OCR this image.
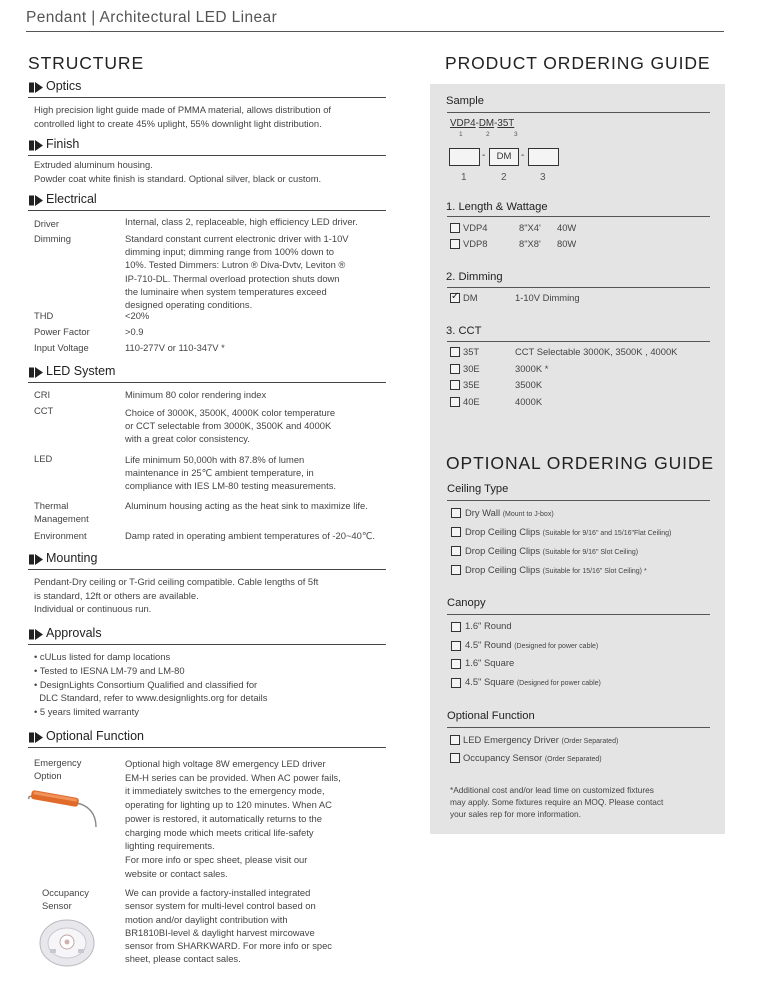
Pendant | Architectural LED Linear
STRUCTURE
Optics
High precision light guide made of PMMA material, allows distribution of
controlled light to create 45% uplight, 55% downlight light distribution.
Finish
Extruded aluminum housing.
Powder coat white finish is standard. Optional silver, black or custom.
Electrical
Driver	Internal, class 2, replaceable, high efficiency LED driver.
Dimming	Standard constant current electronic driver with 1-10V
dimming input; dimming range from 100% down to
10%. Tested Dimmers: Lutron ® Diva-Dvtv, Leviton ®
IP-710-DL. Thermal overload protection shuts down
the luminaire when system temperatures exceed
designed operating conditions.
THD	<20%
Power Factor	>0.9
Input Voltage	110-277V or 110-347V *
LED System
CRI	Minimum 80 color rendering index
CCT	Choice of 3000K, 3500K, 4000K color temperature
or CCT selectable from 3000K, 3500K and 4000K
with a great color consistency.
LED	Life minimum 50,000h with 87.8% of lumen
maintenance in 25℃ ambient temperature, in
compliance with IES LM-80 testing measurements.
Thermal
Management
Aluminum housing acting as the heat sink to maximize life.
Environment	Damp rated in operating ambient temperatures of -20~40℃.
Mounting
Pendant-Dry ceiling or T-Grid ceiling compatible. Cable lengths of 5ft
is standard, 12ft or others are available.
Individual or continuous run.
Approvals
• cULus listed for damp locations
• Tested to IESNA LM-79 and LM-80
• DesignLights Consortium Qualified and classified for
DLC Standard, refer to www.designlights.org for details
• 5 years limited warranty
Optional Function
Emergency
Option
Optional high voltage 8W emergency LED driver
EM-H series can be provided. When AC power fails,
it immediately switches to the emergency mode,
operating for lighting up to 120 minutes. When AC
power is restored, it automatically returns to the
charging mode which meets critical life-safety
lighting requirements.
For more info or spec sheet, please visit our
website or contact sales.
Occupancy
Sensor
We can provide a factory-installed integrated
sensor system for multi-level control based on
motion and/or daylight contribution with
BR1810BI-level & daylight harvest mircowave
sensor from SHARKWARD. For more info or spec
sheet, please contact sales.
PRODUCT ORDERING GUIDE
Sample
VDP4-DM-35T
1	2	3
-	DM -
1	2	3
1. Length & Wattage
VDP4	8"X4' 40W
VDP8	8"X8' 80W
2. Dimming
✓
DM	1-10V Dimming
3. CCT
35T	CCT Selectable 3000K, 3500K , 4000K
30E	3000K *
35E	3500K
40E	4000K
OPTIONAL ORDERING GUIDE
Ceiling Type
Dry Wall (Mount to J-box)
Drop Ceiling Clips (Suitable for 9/16" and 15/16"Flat Ceiling)
Drop Ceiling Clips (Suitable for 9/16" Slot Ceiling)
Drop Ceiling Clips (Suitable for 15/16" Slot Ceiling) *
Canopy
1.6" Round
4.5" Round (Designed for power cable)
1.6" Square
4.5" Square (Designed for power cable)
Optional Function
LED Emergency Driver (Order Separated)
Occupancy Sensor (Order Separated)
*Additional cost and/or lead time on customized fixtures
may apply. Some fixtures require an MOQ. Please contact
your sales rep for more information.
